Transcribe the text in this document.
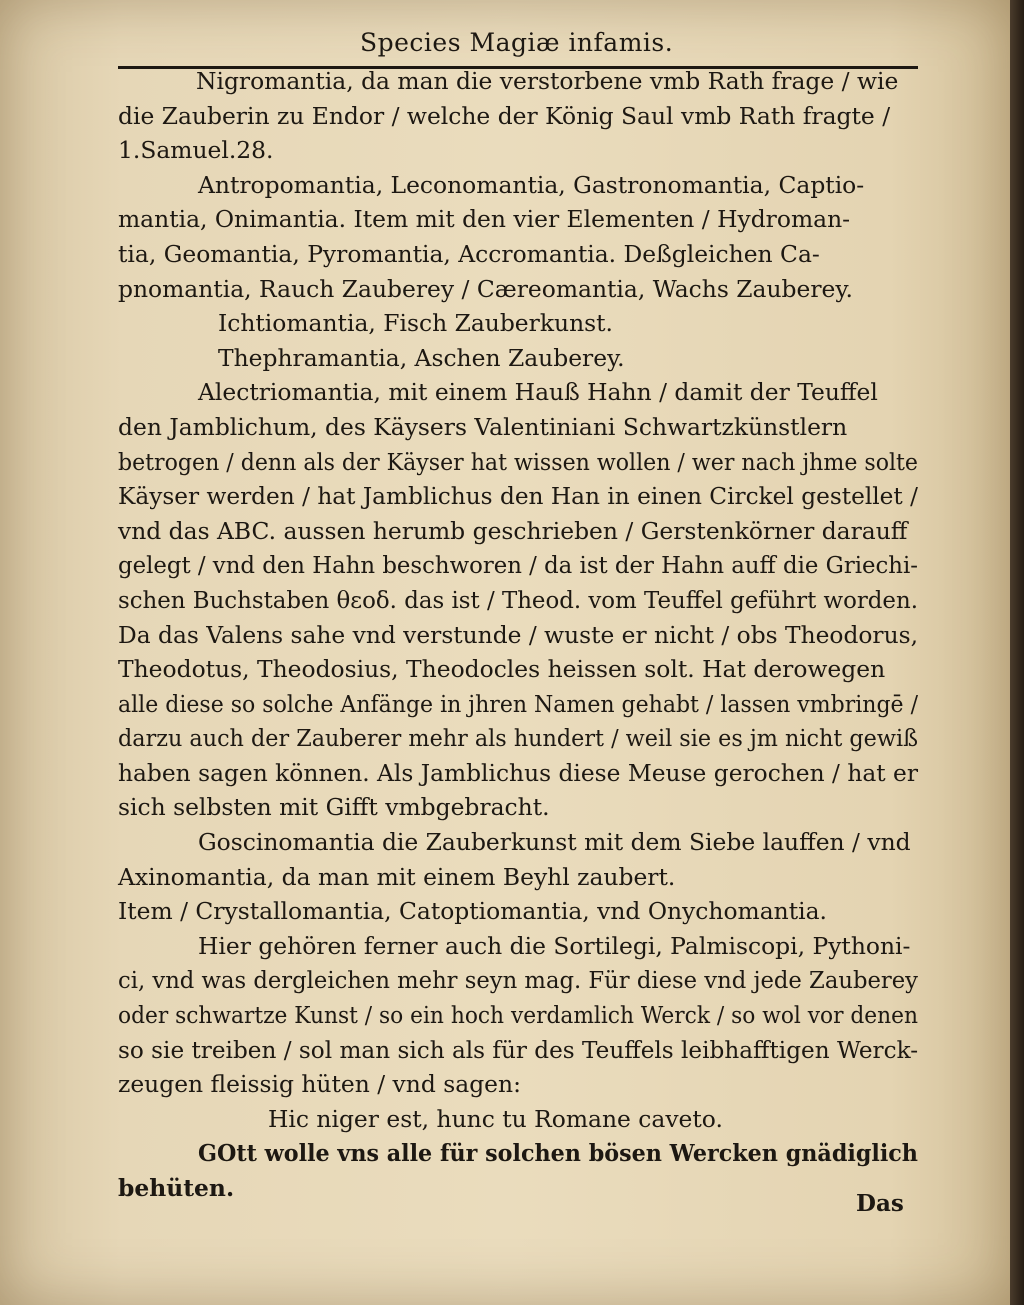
Species Magiæ infamis.
Nigromantia, da man die verstorbene vmb Rath frage / wie
die Zauberin zu Endor / welche der König Saul vmb Rath fragte /
1.Samuel.28.
Antropomantia, Leconomantia, Gastronomantia, Captio-
mantia, Onimantia. Item mit den vier Elementen / Hydroman-
tia, Geomantia, Pyromantia, Accromantia. Deßgleichen Ca-
pnomantia, Rauch Zauberey / Cæreomantia, Wachs Zauberey.
Ichtiomantia, Fisch Zauberkunst.
Thephramantia, Aschen Zauberey.
Alectriomantia, mit einem Hauß Hahn / damit der Teuffel
den Jamblichum, des Käysers Valentiniani Schwartzkünstlern
betrogen / denn als der Käyser hat wissen wollen / wer nach jhme solte
Käyser werden / hat Jamblichus den Han in einen Circkel gestellet /
vnd das ABC. aussen herumb geschrieben / Gerstenkörner darauff
gelegt / vnd den Hahn beschworen / da ist der Hahn auff die Griechi-
schen Buchstaben θεοδ. das ist / Theod. vom Teuffel geführt worden.
Da das Valens sahe vnd verstunde / wuste er nicht / obs Theodorus,
Theodotus, Theodosius, Theodocles heissen solt. Hat derowegen
alle diese so solche Anfänge in jhren Namen gehabt / lassen vmbringē /
darzu auch der Zauberer mehr als hundert / weil sie es jm nicht gewiß
haben sagen können. Als Jamblichus diese Meuse gerochen / hat er
sich selbsten mit Gifft vmbgebracht.
Goscinomantia die Zauberkunst mit dem Siebe lauffen / vnd
Axinomantia, da man mit einem Beyhl zaubert.
Item / Crystallomantia, Catoptiomantia, vnd Onychomantia.
Hier gehören ferner auch die Sortilegi, Palmiscopi, Pythoni-
ci, vnd was dergleichen mehr seyn mag. Für diese vnd jede Zauberey
oder schwartze Kunst / so ein hoch verdamlich Werck / so wol vor denen
so sie treiben / sol man sich als für des Teuffels leibhafftigen Werck-
zeugen fleissig hüten / vnd sagen:
Hic niger est, hunc tu Romane caveto.
GOtt wolle vns alle für solchen bösen Wercken gnädiglich
behüten.
Das
